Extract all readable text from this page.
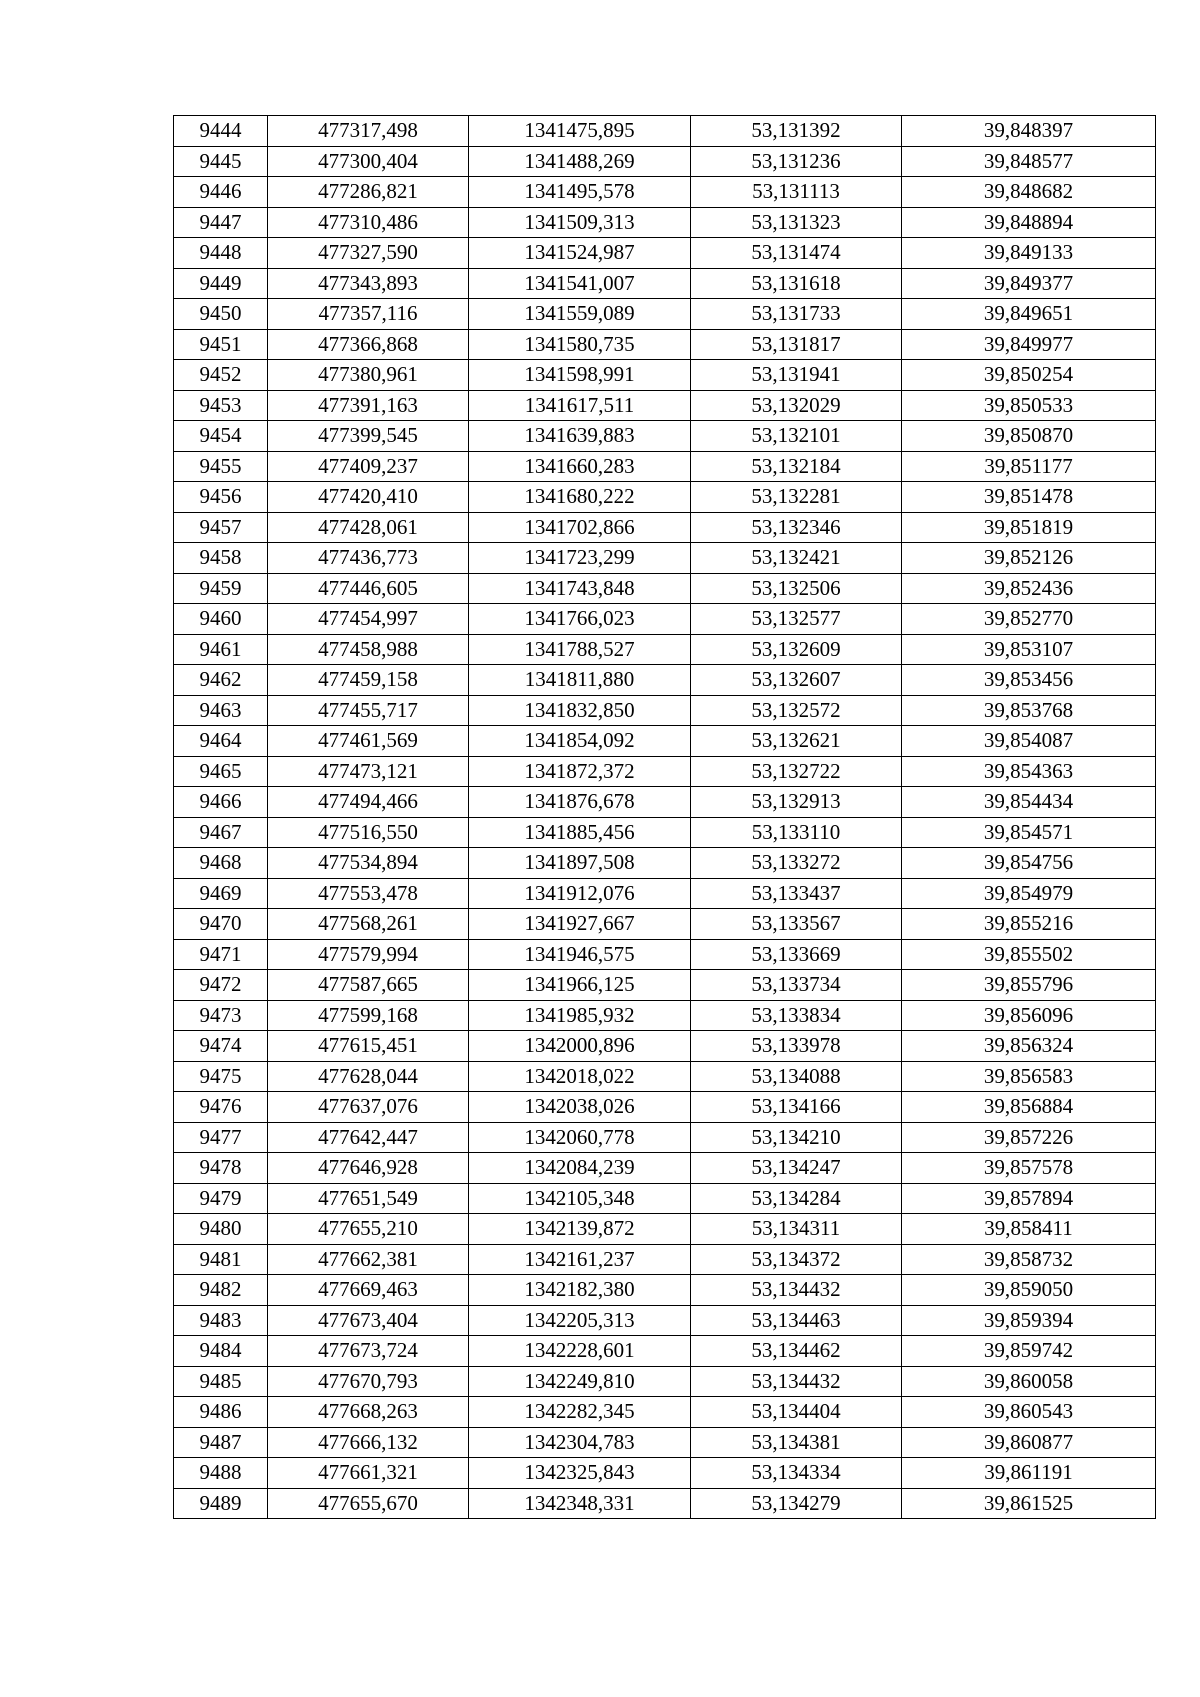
9444	477317,498	1341475,895	53,131392	39,848397
9445	477300,404	1341488,269	53,131236	39,848577
9446	477286,821	1341495,578	53,131113	39,848682
9447	477310,486	1341509,313	53,131323	39,848894
9448	477327,590	1341524,987	53,131474	39,849133
9449	477343,893	1341541,007	53,131618	39,849377
9450	477357,116	1341559,089	53,131733	39,849651
9451	477366,868	1341580,735	53,131817	39,849977
9452	477380,961	1341598,991	53,131941	39,850254
9453	477391,163	1341617,511	53,132029	39,850533
9454	477399,545	1341639,883	53,132101	39,850870
9455	477409,237	1341660,283	53,132184	39,851177
9456	477420,410	1341680,222	53,132281	39,851478
9457	477428,061	1341702,866	53,132346	39,851819
9458	477436,773	1341723,299	53,132421	39,852126
9459	477446,605	1341743,848	53,132506	39,852436
9460	477454,997	1341766,023	53,132577	39,852770
9461	477458,988	1341788,527	53,132609	39,853107
9462	477459,158	1341811,880	53,132607	39,853456
9463	477455,717	1341832,850	53,132572	39,853768
9464	477461,569	1341854,092	53,132621	39,854087
9465	477473,121	1341872,372	53,132722	39,854363
9466	477494,466	1341876,678	53,132913	39,854434
9467	477516,550	1341885,456	53,133110	39,854571
9468	477534,894	1341897,508	53,133272	39,854756
9469	477553,478	1341912,076	53,133437	39,854979
9470	477568,261	1341927,667	53,133567	39,855216
9471	477579,994	1341946,575	53,133669	39,855502
9472	477587,665	1341966,125	53,133734	39,855796
9473	477599,168	1341985,932	53,133834	39,856096
9474	477615,451	1342000,896	53,133978	39,856324
9475	477628,044	1342018,022	53,134088	39,856583
9476	477637,076	1342038,026	53,134166	39,856884
9477	477642,447	1342060,778	53,134210	39,857226
9478	477646,928	1342084,239	53,134247	39,857578
9479	477651,549	1342105,348	53,134284	39,857894
9480	477655,210	1342139,872	53,134311	39,858411
9481	477662,381	1342161,237	53,134372	39,858732
9482	477669,463	1342182,380	53,134432	39,859050
9483	477673,404	1342205,313	53,134463	39,859394
9484	477673,724	1342228,601	53,134462	39,859742
9485	477670,793	1342249,810	53,134432	39,860058
9486	477668,263	1342282,345	53,134404	39,860543
9487	477666,132	1342304,783	53,134381	39,860877
9488	477661,321	1342325,843	53,134334	39,861191
9489	477655,670	1342348,331	53,134279	39,861525
